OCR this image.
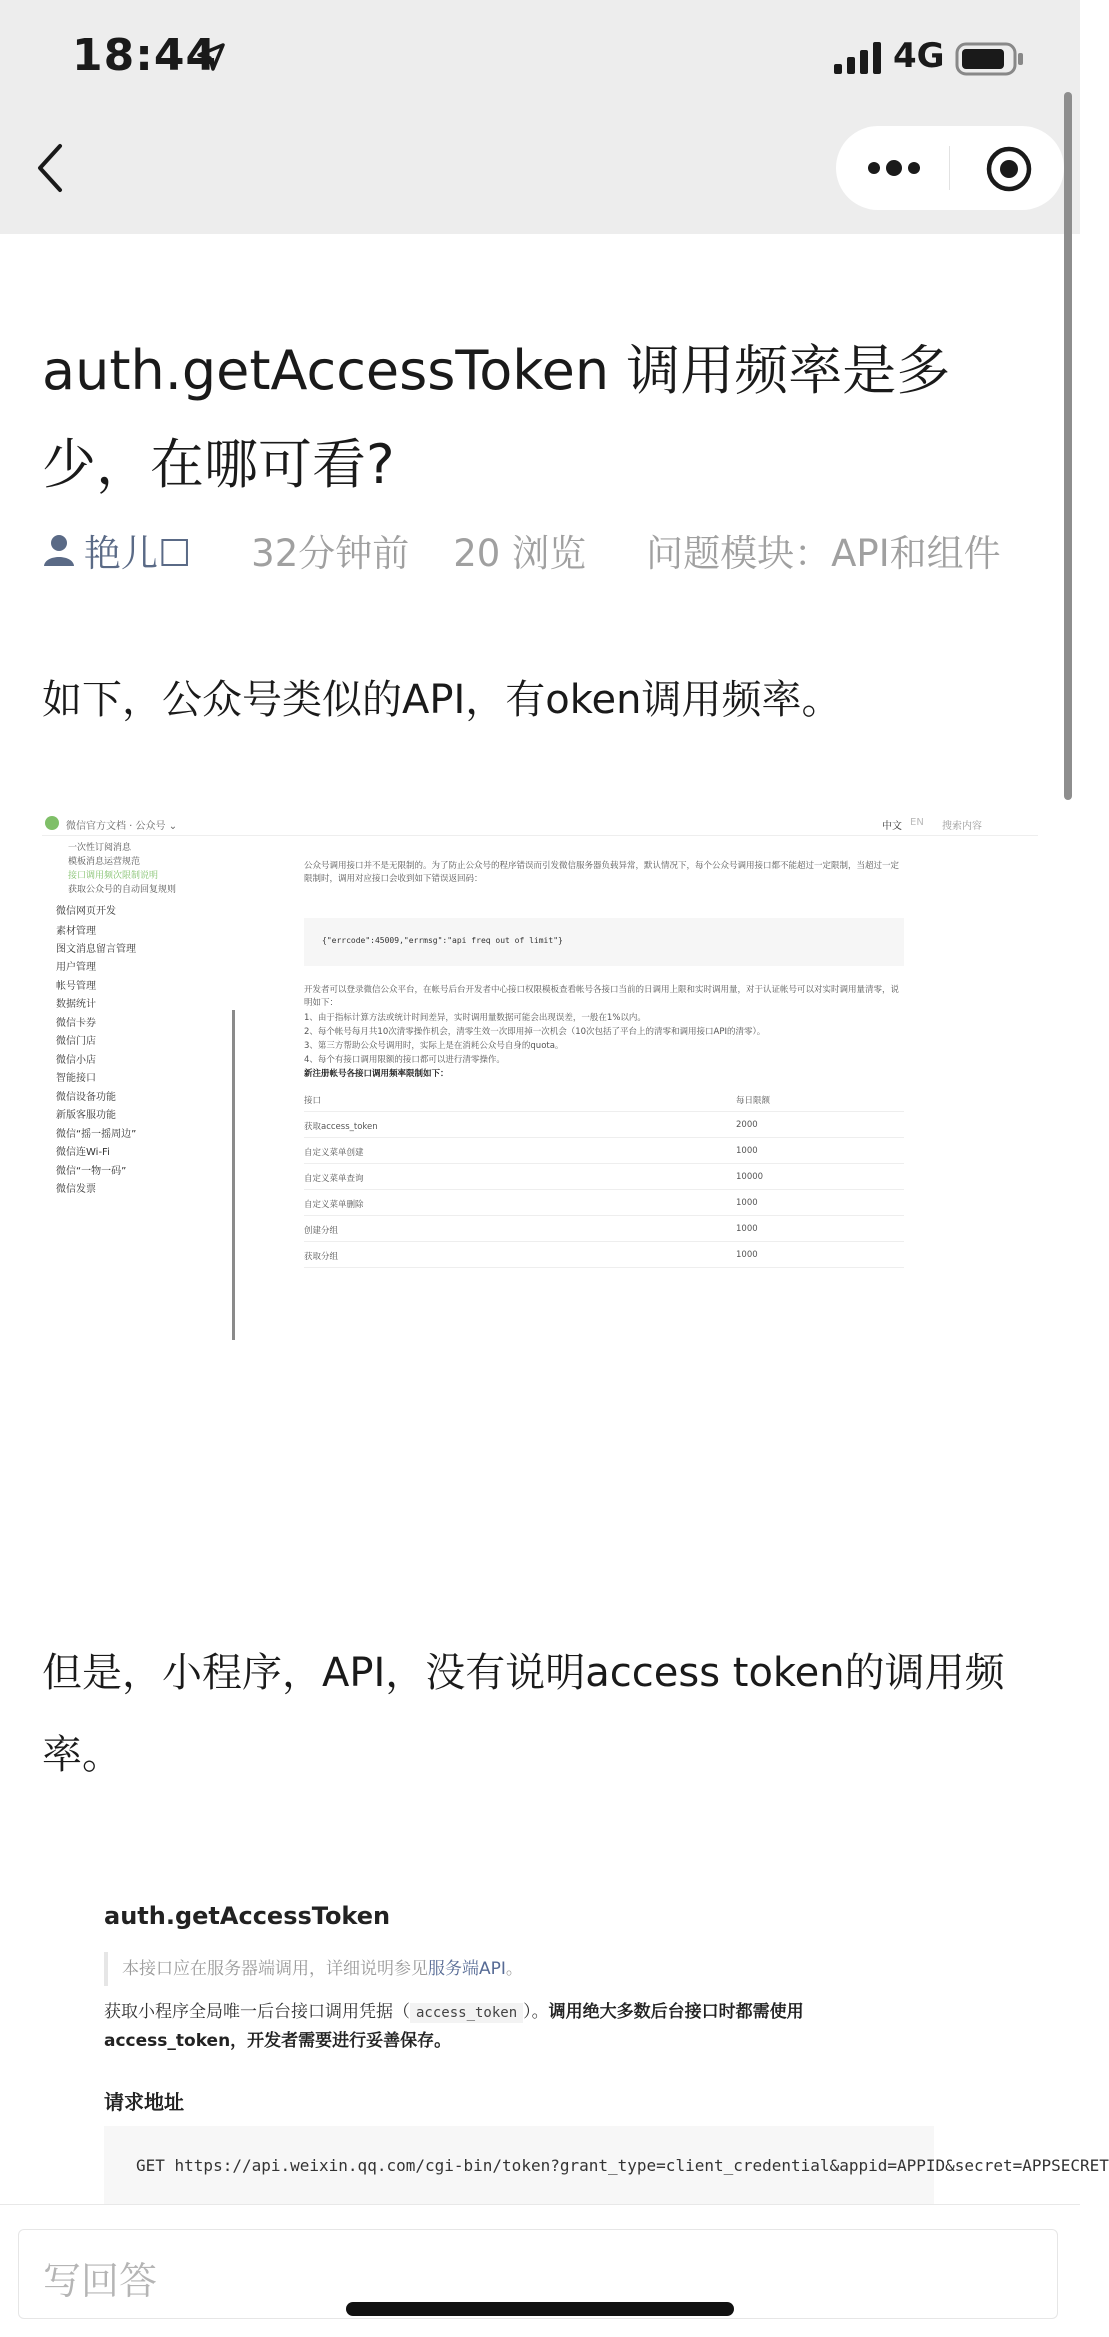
18:44	4G
auth.getAccessToken 调用频率是多少，在哪可看?
艳儿☐ 32分钟前 20 浏览 问题模块： API和组件
如下，公众号类似的API，有oken调用频率。
微信官方文档 · 公众号 ⌄	中文 EN 搜索内容
一次性订阅消息
模板消息运营规范
接口调用频次限制说明
获取公众号的自动回复规则
微信网页开发
素材管理
图文消息留言管理
用户管理
帐号管理
数据统计
微信卡券
微信门店
微信小店
智能接口
微信设备功能
新版客服功能
微信“摇一摇周边”
微信连Wi-Fi
微信“一物一码”
微信发票
公众号调用接口并不是无限制的。为了防止公众号的程序错误而引发微信服务器负载异常，默认情况下，每个公众号调用接口都不能超过一定限制，当超过一定限制时，调用对应接口会收到如下错误返回码：
{"errcode":45009,"errmsg":"api freq out of limit"}
开发者可以登录微信公众平台，在帐号后台开发者中心接口权限模板查看帐号各接口当前的日调用上限和实时调用量，对于认证帐号可以对实时调用量清零，说明如下：
1、由于指标计算方法或统计时间差异，实时调用量数据可能会出现误差，一般在1%以内。
2、每个帐号每月共10次清零操作机会，清零生效一次即用掉一次机会（10次包括了平台上的清零和调用接口API的清零）。
3、第三方帮助公众号调用时，实际上是在消耗公众号自身的quota。
4、每个有接口调用限额的接口都可以进行清零操作。
新注册帐号各接口调用频率限制如下：
接口	每日限额
获取access_token	2000
自定义菜单创建	1000
自定义菜单查询	10000
自定义菜单删除	1000
创建分组	1000
获取分组	1000
但是，小程序，API，没有说明access token的调用频率。
auth.getAccessToken
本接口应在服务器端调用，详细说明参见服务端API。
获取小程序全局唯一后台接口调用凭据（ access_token ）。调用绝大多数后台接口时都需使用 access_token，开发者需要进行妥善保存。
请求地址
GET https://api.weixin.qq.com/cgi-bin/token?grant_type=client_credential&appid=APPID&secret=APPSECRET
写回答
